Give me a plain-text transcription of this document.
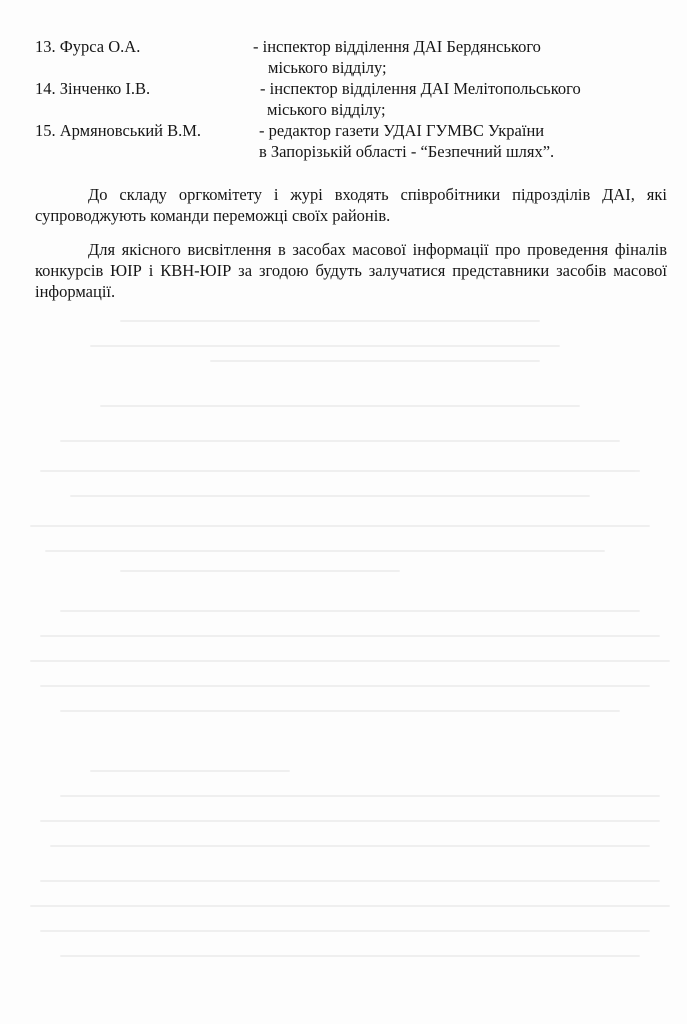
13. Фурса О.А.	- інспектор відділення ДАІ Бердянського
міського відділу;
14. Зінченко І.В.	- інспектор відділення ДАІ Мелітопольського
міського відділу;
15. Армяновський В.М.	- редактор газети УДАІ ГУМВС України
в Запорізькій області - “Безпечний шлях”.

До складу оргкомітету і журі входять співробітники підрозділів ДАІ, які супроводжують команди переможці своїх районів.

Для якісного висвітлення в засобах масової інформації про проведення фіналів конкурсів ЮІР і КВН-ЮІР за згодою будуть залучатися представники засобів масової інформації.
